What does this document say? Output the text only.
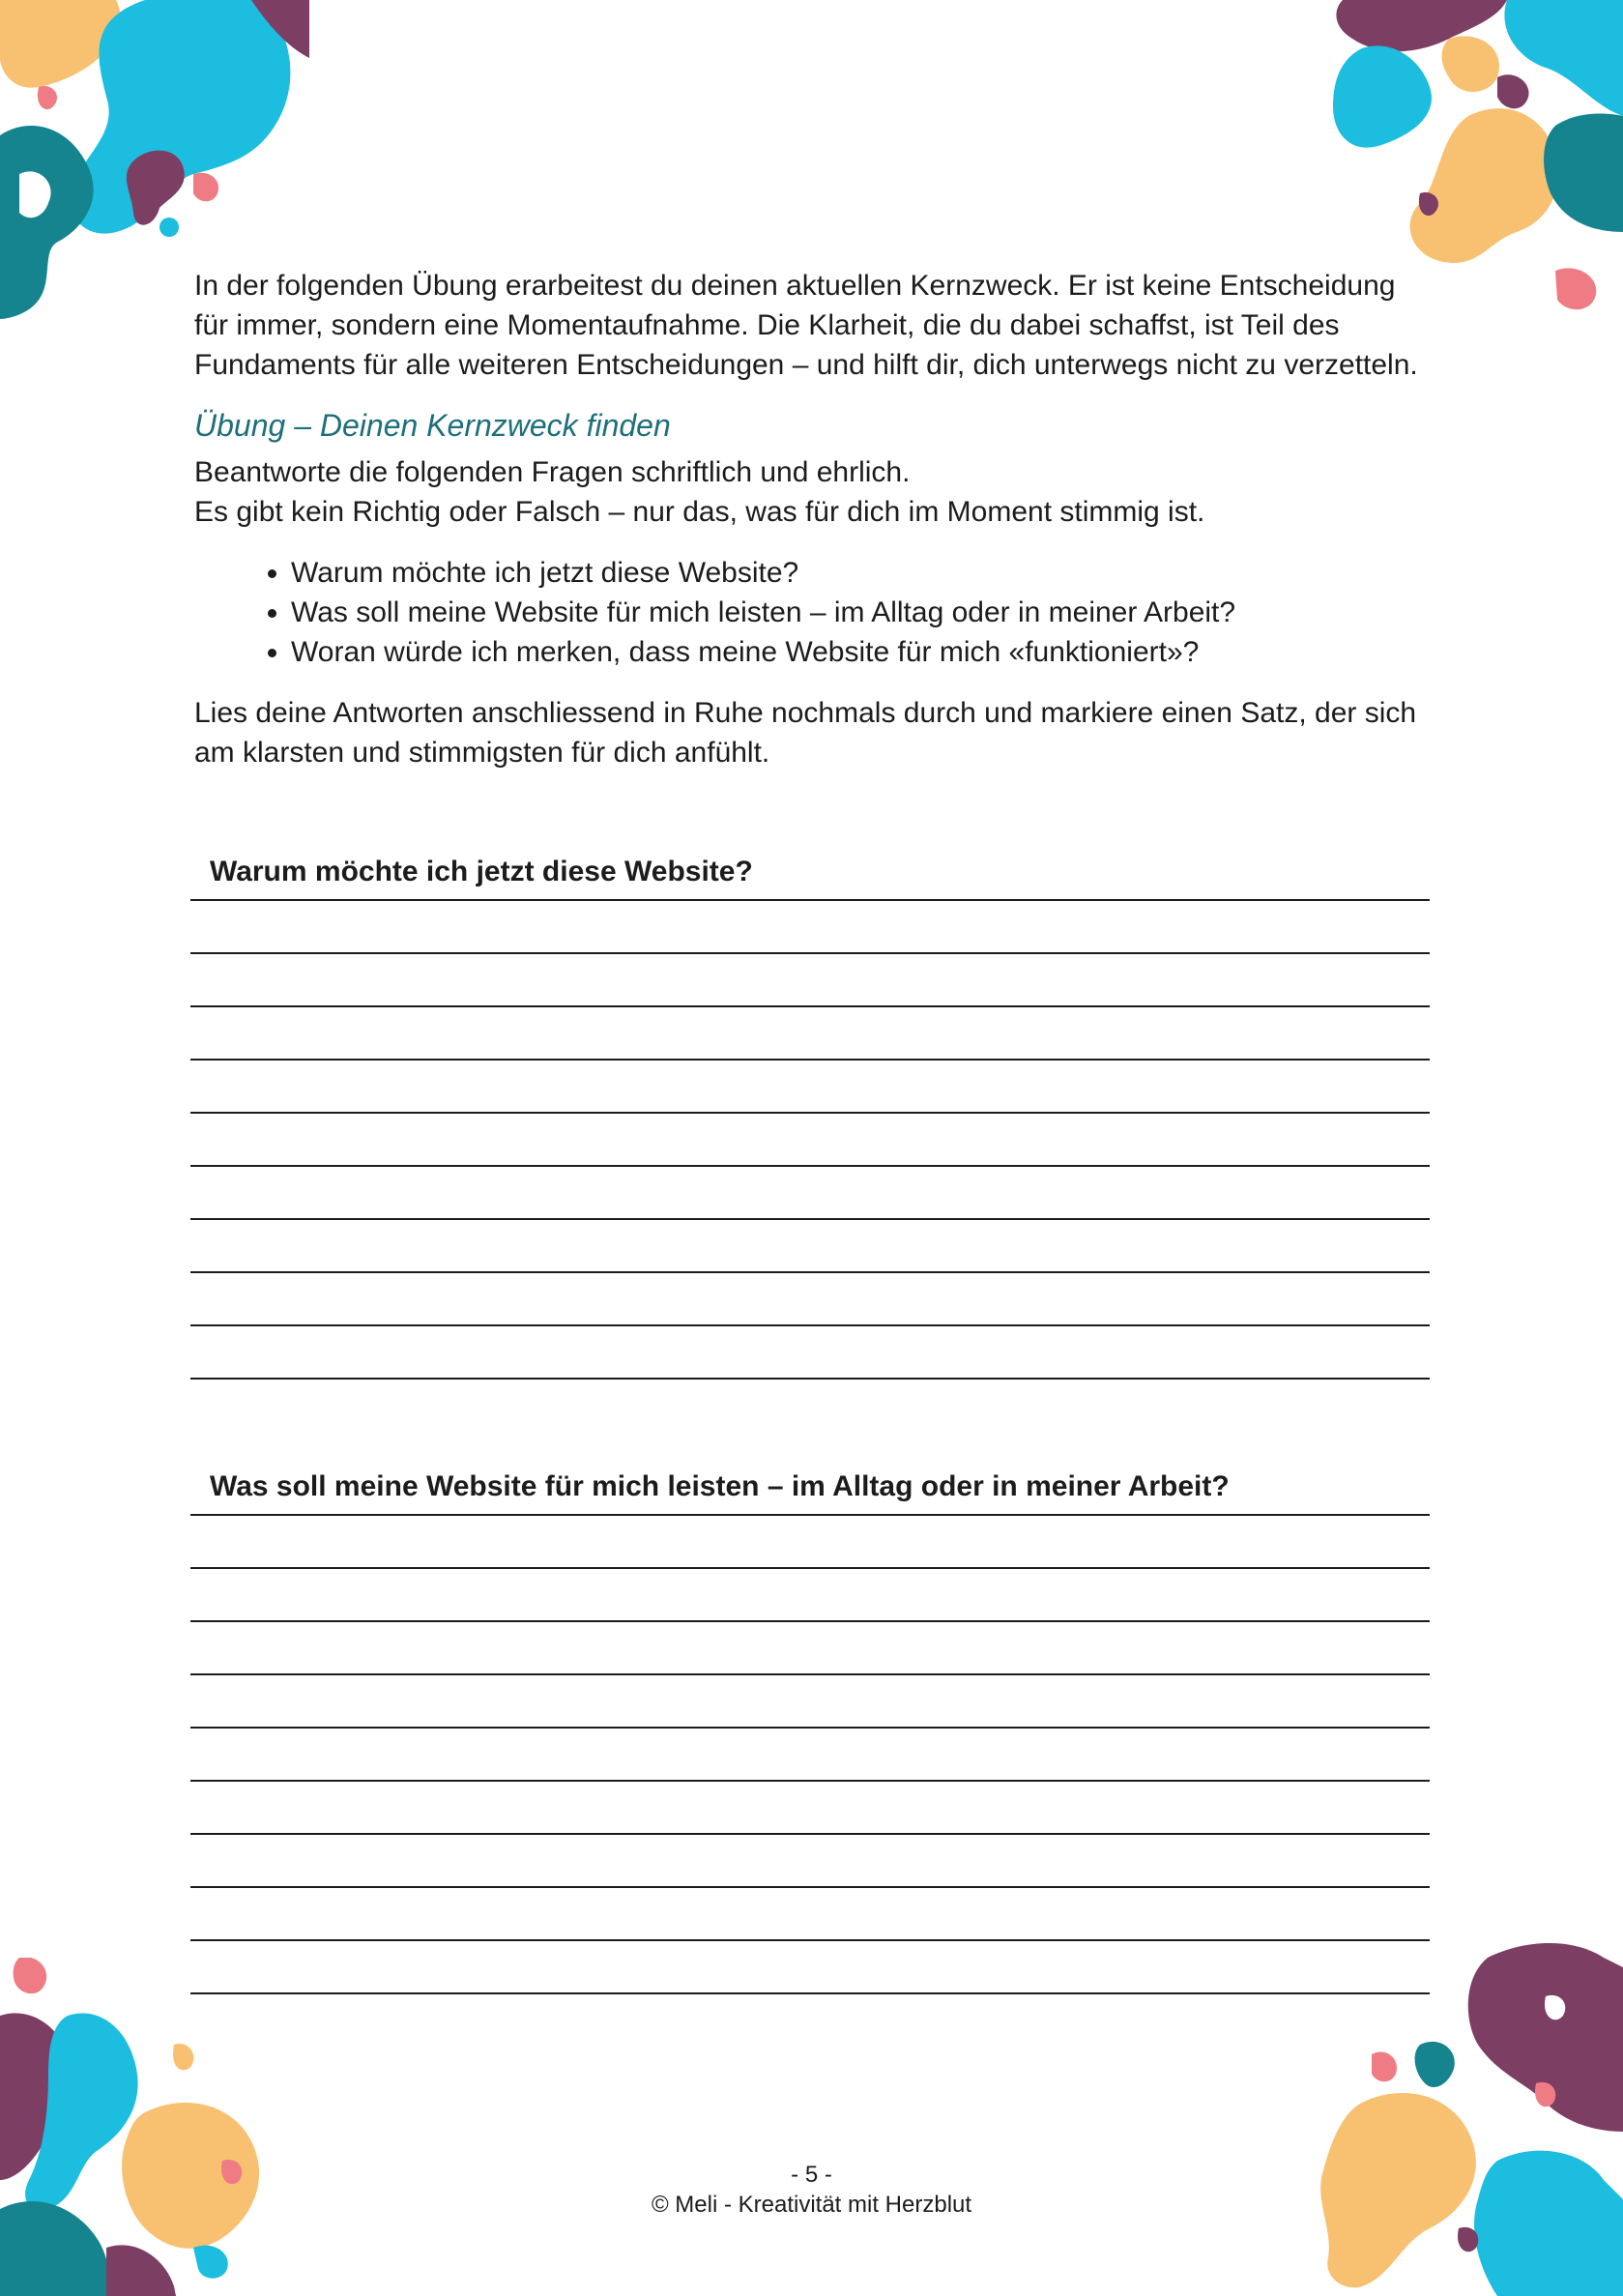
In der folgenden Übung erarbeitest du deinen aktuellen Kernzweck. Er ist keine Entscheidung für immer, sondern eine Momentaufnahme. Die Klarheit, die du dabei schaffst, ist Teil des Fundaments für alle weiteren Entscheidungen – und hilft dir, dich unterwegs nicht zu verzetteln.

Übung – Deinen Kernzweck finden

Beantworte die folgenden Fragen schriftlich und ehrlich.

Es gibt kein Richtig oder Falsch – nur das, was für dich im Moment stimmig ist.

• Warum möchte ich jetzt diese Website?
• Was soll meine Website für mich leisten – im Alltag oder in meiner Arbeit?
• Woran würde ich merken, dass meine Website für mich «funktioniert»?

Lies deine Antworten anschliessend in Ruhe nochmals durch und markiere einen Satz, der sich am klarsten und stimmigsten für dich anfühlt.

Warum möchte ich jetzt diese Website?
Was soll meine Website für mich leisten – im Alltag oder in meiner Arbeit?
- 5 -
© Meli - Kreativität mit Herzblut
